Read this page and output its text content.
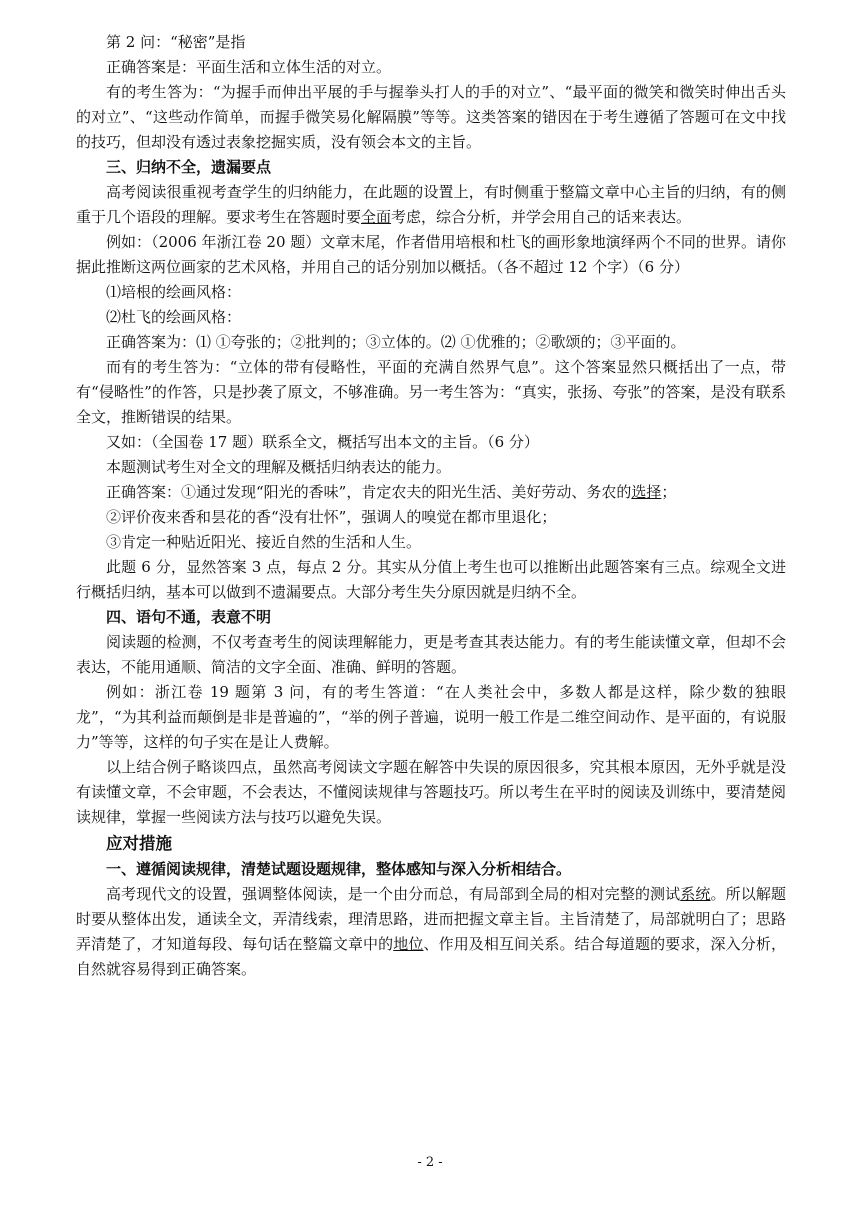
第 2 问：“秘密”是指

正确答案是：平面生活和立体生活的对立。

有的考生答为：“为握手而伸出平展的手与握拳头打人的手的对立”、“最平面的微笑和微笑时伸出舌头的对立”、“这些动作简单，而握手微笑易化解隔膜”等等。这类答案的错因在于考生遵循了答题可在文中找的技巧，但却没有透过表象挖掘实质，没有领会本文的主旨。

三、归纳不全，遗漏要点

高考阅读很重视考查学生的归纳能力，在此题的设置上，有时侧重于整篇文章中心主旨的归纳，有的侧重于几个语段的理解。要求考生在答题时要全面考虑，综合分析，并学会用自己的话来表达。

例如：（2006 年浙江卷 20 题）文章末尾，作者借用培根和杜飞的画形象地演绎两个不同的世界。请你据此推断这两位画家的艺术风格，并用自己的话分别加以概括。（各不超过 12 个字）（6 分）

⑴培根的绘画风格：

⑵杜飞的绘画风格：

正确答案为：⑴ ①夸张的；②批判的；③立体的。⑵ ①优雅的；②歌颂的；③平面的。

而有的考生答为：“立体的带有侵略性，平面的充满自然界气息”。这个答案显然只概括出了一点，带有“侵略性”的作答，只是抄袭了原文，不够准确。另一考生答为：“真实，张扬、夸张”的答案，是没有联系全文，推断错误的结果。

又如：（全国卷 17 题）联系全文，概括写出本文的主旨。（6 分）

本题测试考生对全文的理解及概括归纳表达的能力。

正确答案：①通过发现“阳光的香味”，肯定农夫的阳光生活、美好劳动、务农的选择；

②评价夜来香和昙花的香“没有壮怀”，强调人的嗅觉在都市里退化；

③肯定一种贴近阳光、接近自然的生活和人生。

此题 6 分，显然答案 3 点，每点 2 分。其实从分值上考生也可以推断出此题答案有三点。综观全文进行概括归纳，基本可以做到不遗漏要点。大部分考生失分原因就是归纳不全。

四、语句不通，表意不明

阅读题的检测，不仅考查考生的阅读理解能力，更是考查其表达能力。有的考生能读懂文章，但却不会表达，不能用通顺、简洁的文字全面、准确、鲜明的答题。

例如：浙江卷 19 题第 3 问，有的考生答道：“在人类社会中，多数人都是这样，除少数的独眼龙”，“为其利益而颠倒是非是普遍的”，“举的例子普遍，说明一般工作是二维空间动作、是平面的，有说服力”等等，这样的句子实在是让人费解。

以上结合例子略谈四点，虽然高考阅读文字题在解答中失误的原因很多，究其根本原因，无外乎就是没有读懂文章，不会审题，不会表达，不懂阅读规律与答题技巧。所以考生在平时的阅读及训练中，要清楚阅读规律，掌握一些阅读方法与技巧以避免失误。

应对措施

一、遵循阅读规律，清楚试题设题规律，整体感知与深入分析相结合。

高考现代文的设置，强调整体阅读，是一个由分而总，有局部到全局的相对完整的测试系统。所以解题时要从整体出发，通读全文，弄清线索，理清思路，进而把握文章主旨。主旨清楚了，局部就明白了；思路弄清楚了，才知道每段、每句话在整篇文章中的地位、作用及相互间关系。结合每道题的要求，深入分析，自然就容易得到正确答案。

- 2 -
